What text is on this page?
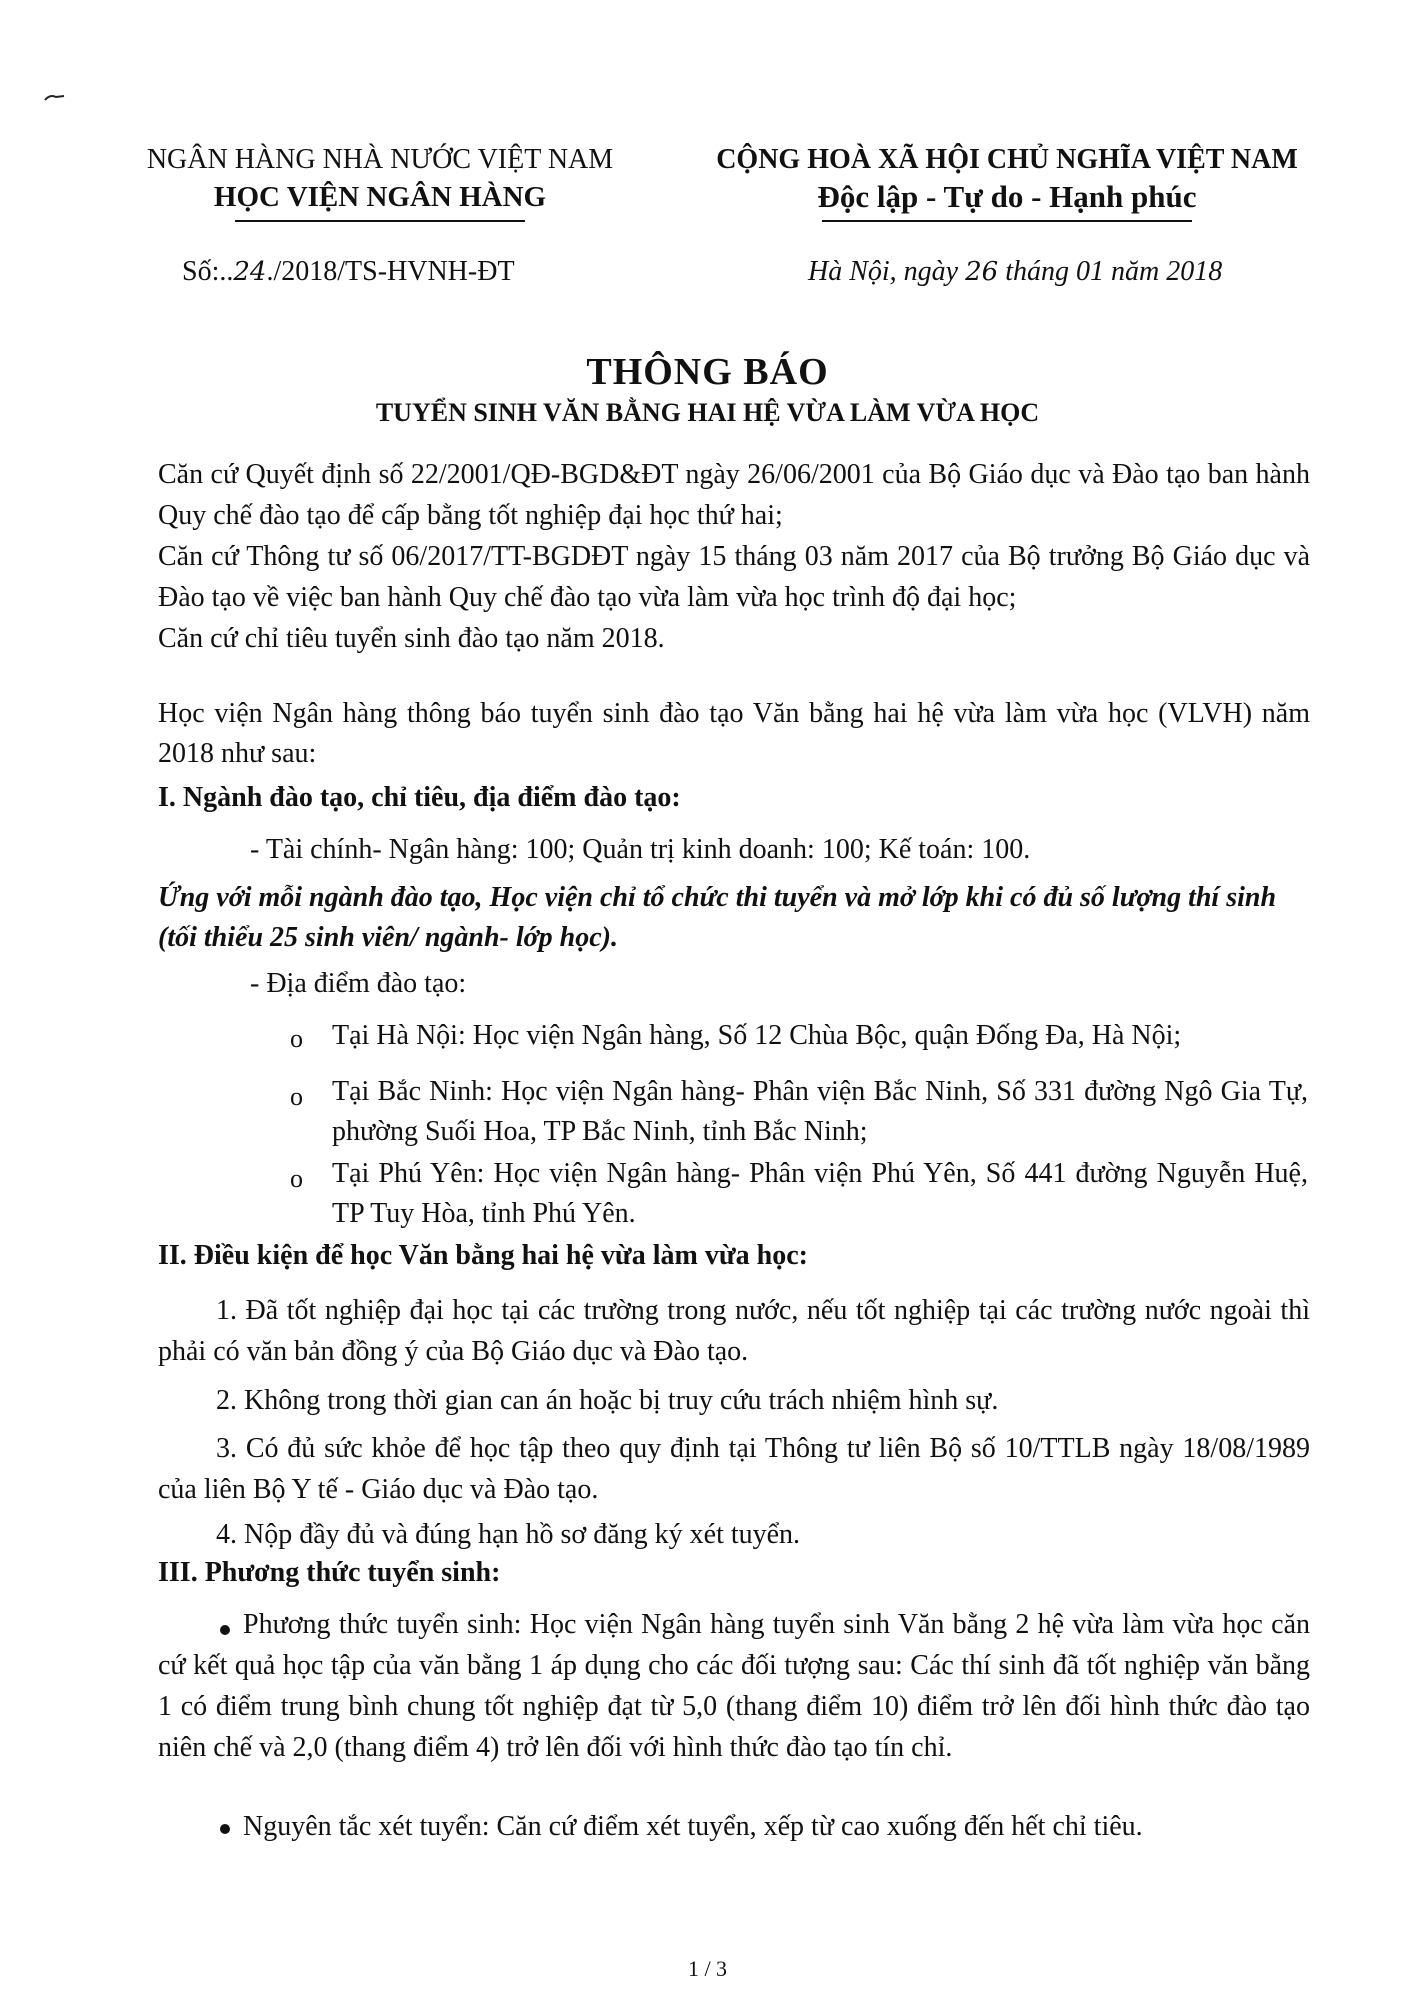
NGÂN HÀNG NHÀ NƯỚC VIỆT NAM
HỌC VIỆN NGÂN HÀNG
CỘNG HOÀ XÃ HỘI CHỦ NGHĨA VIỆT NAM
Độc lập - Tự do - Hạnh phúc
Số:..24./2018/TS-HVNH-ĐT	Hà Nội, ngày 26 tháng 01 năm 2018
THÔNG BÁO
TUYỂN SINH VĂN BẰNG HAI HỆ VỪA LÀM VỪA HỌC

Căn cứ Quyết định số 22/2001/QĐ-BGD&ĐT ngày 26/06/2001 của Bộ Giáo dục và Đào tạo ban hành Quy chế đào tạo để cấp bằng tốt nghiệp đại học thứ hai;

Căn cứ Thông tư số 06/2017/TT-BGDĐT ngày 15 tháng 03 năm 2017 của Bộ trưởng Bộ Giáo dục và Đào tạo về việc ban hành Quy chế đào tạo vừa làm vừa học trình độ đại học;

Căn cứ chỉ tiêu tuyển sinh đào tạo năm 2018.

Học viện Ngân hàng thông báo tuyển sinh đào tạo Văn bằng hai hệ vừa làm vừa học (VLVH) năm 2018 như sau:

I. Ngành đào tạo, chỉ tiêu, địa điểm đào tạo:
- Tài chính- Ngân hàng: 100; Quản trị kinh doanh: 100; Kế toán: 100.
Ứng với mỗi ngành đào tạo, Học viện chỉ tổ chức thi tuyển và mở lớp khi có đủ số lượng thí sinh (tối thiểu 25 sinh viên/ ngành- lớp học).
- Địa điểm đào tạo:
o Tại Hà Nội: Học viện Ngân hàng, Số 12 Chùa Bộc, quận Đống Đa, Hà Nội;
o Tại Bắc Ninh: Học viện Ngân hàng- Phân viện Bắc Ninh, Số 331 đường Ngô Gia Tự, phường Suối Hoa, TP Bắc Ninh, tỉnh Bắc Ninh;
o Tại Phú Yên: Học viện Ngân hàng- Phân viện Phú Yên, Số 441 đường Nguyễn Huệ, TP Tuy Hòa, tỉnh Phú Yên.
II. Điều kiện để học Văn bằng hai hệ vừa làm vừa học:
1. Đã tốt nghiệp đại học tại các trường trong nước, nếu tốt nghiệp tại các trường nước ngoài thì phải có văn bản đồng ý của Bộ Giáo dục và Đào tạo.
2. Không trong thời gian can án hoặc bị truy cứu trách nhiệm hình sự.
3. Có đủ sức khỏe để học tập theo quy định tại Thông tư liên Bộ số 10/TTLB ngày 18/08/1989 của liên Bộ Y tế - Giáo dục và Đào tạo.
4. Nộp đầy đủ và đúng hạn hồ sơ đăng ký xét tuyển.
III. Phương thức tuyển sinh:
Phương thức tuyển sinh: Học viện Ngân hàng tuyển sinh Văn bằng 2 hệ vừa làm vừa học căn cứ kết quả học tập của văn bằng 1 áp dụng cho các đối tượng sau: Các thí sinh đã tốt nghiệp văn bằng 1 có điểm trung bình chung tốt nghiệp đạt từ 5,0 (thang điểm 10) điểm trở lên đối hình thức đào tạo niên chế và 2,0 (thang điểm 4) trở lên đối với hình thức đào tạo tín chỉ.
Nguyên tắc xét tuyển: Căn cứ điểm xét tuyển, xếp từ cao xuống đến hết chỉ tiêu.
1 / 3
